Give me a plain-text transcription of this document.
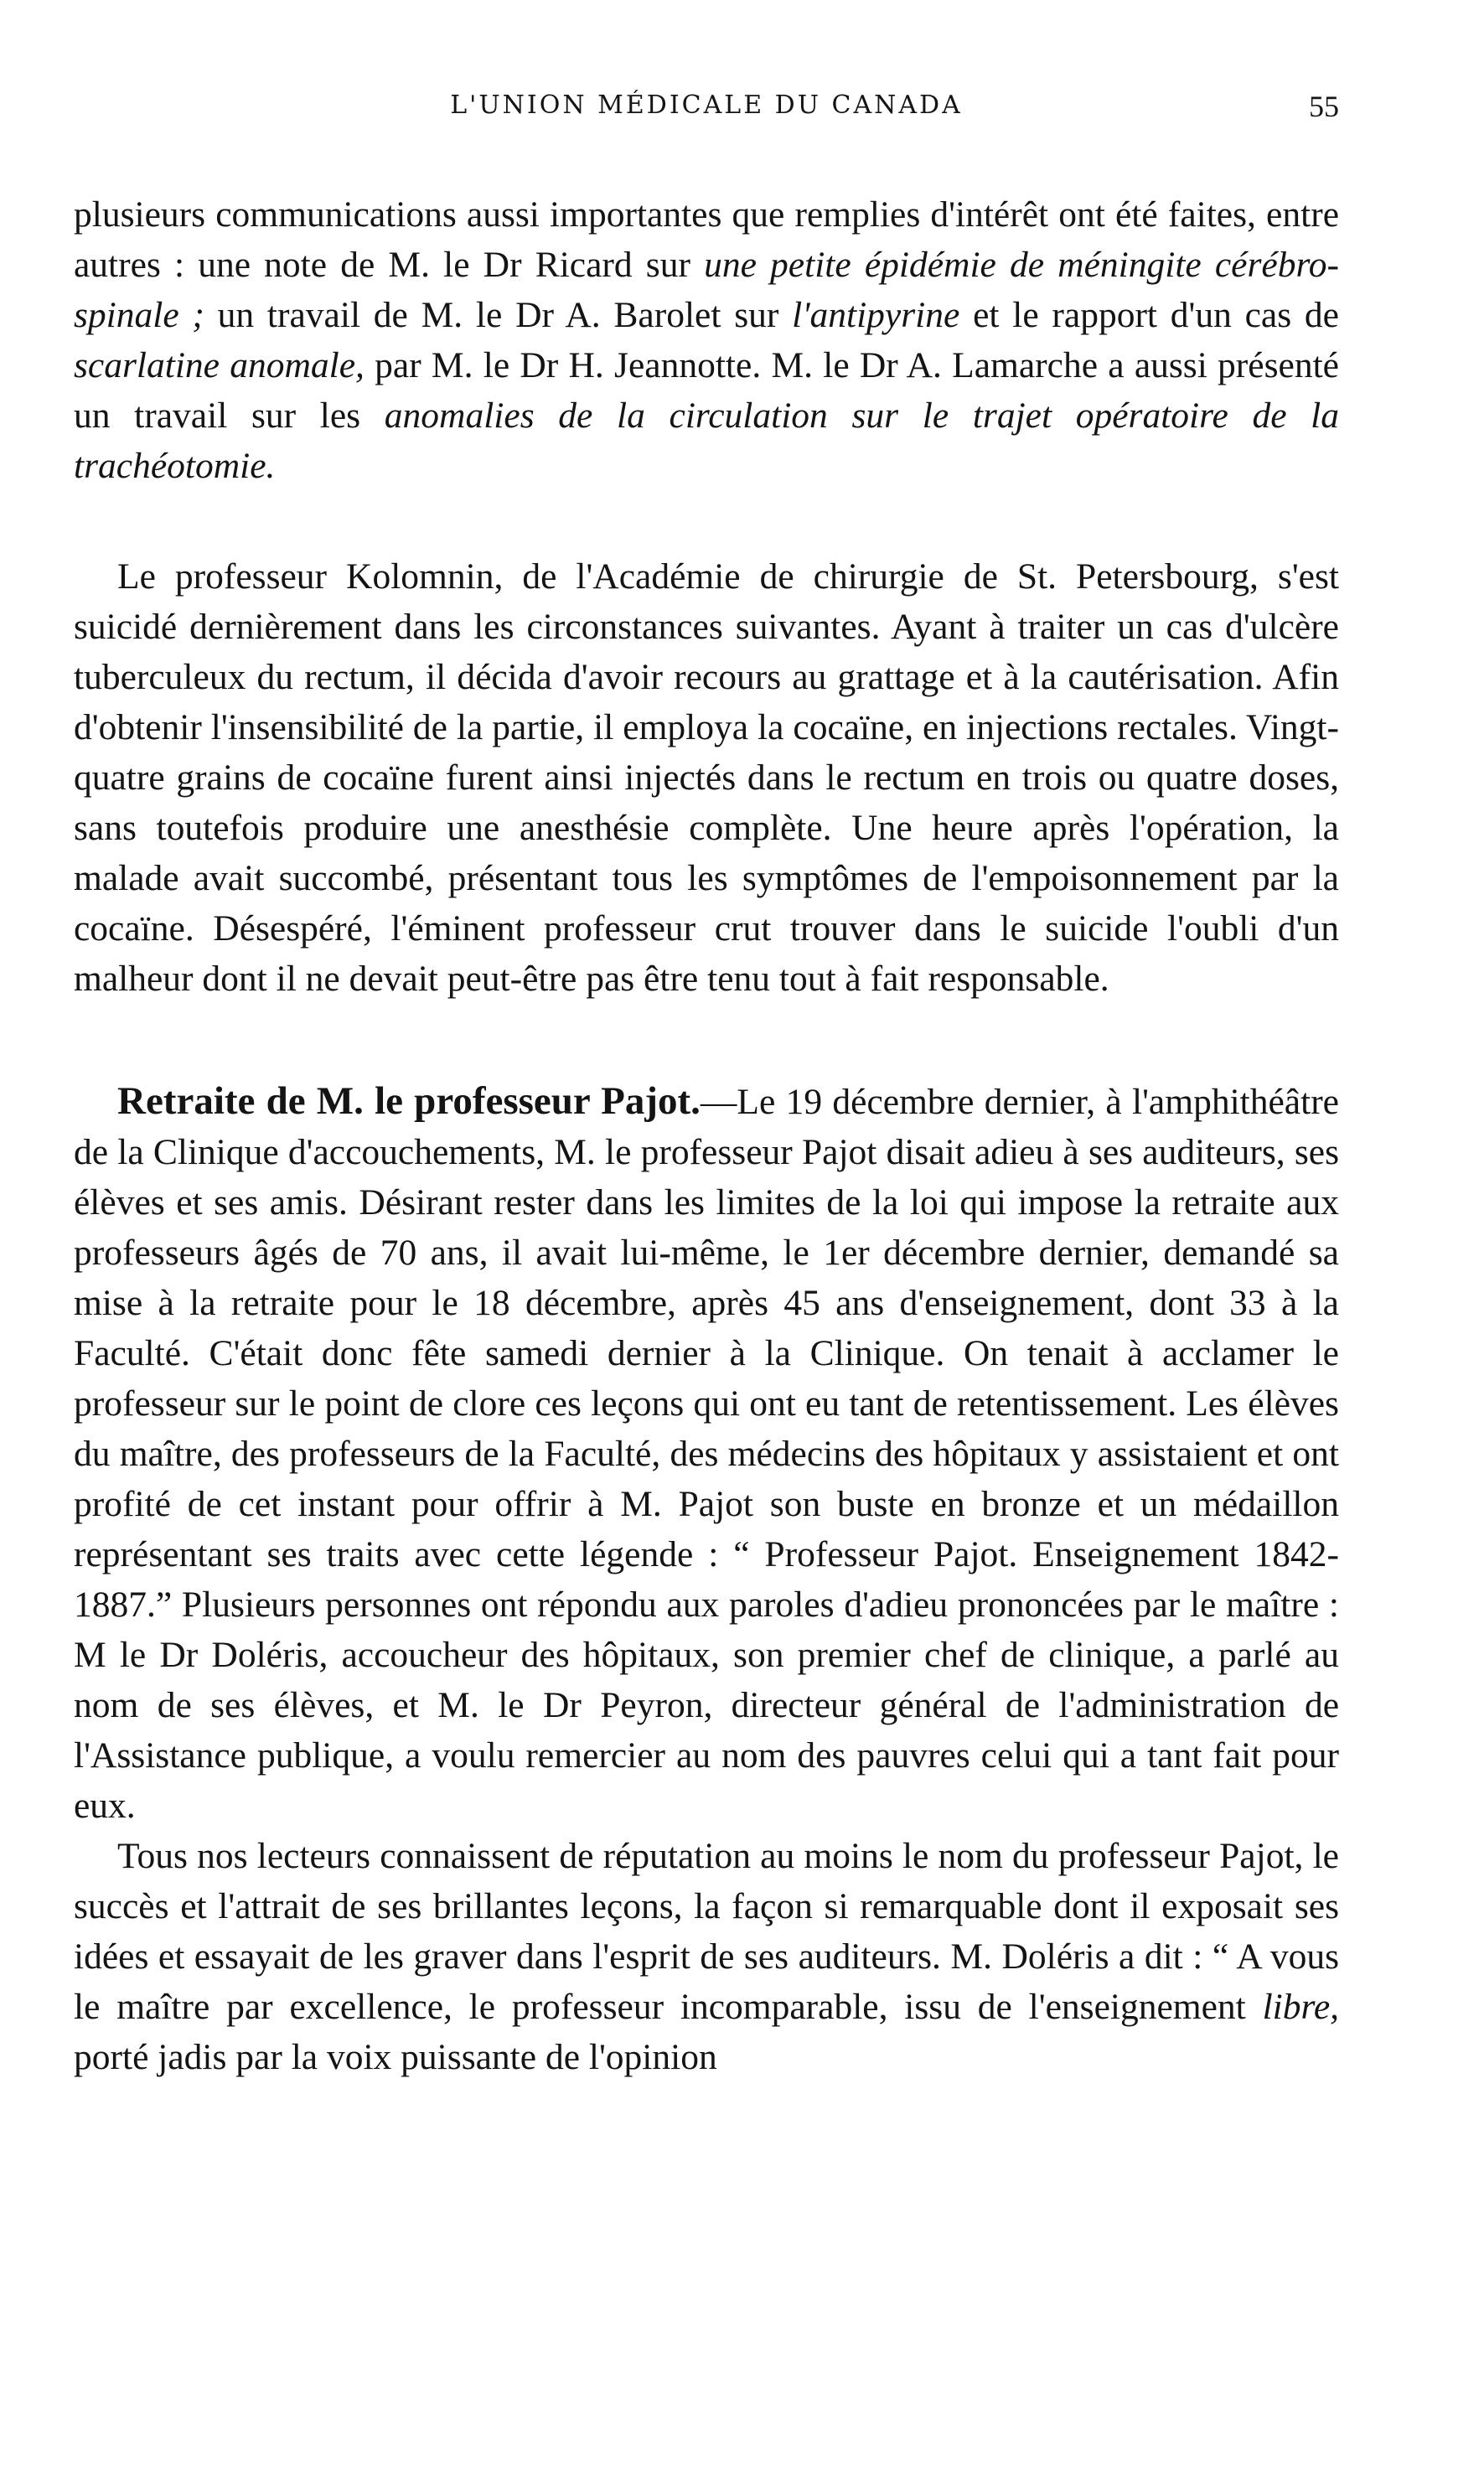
L'UNION MÉDICALE DU CANADA	55

plusieurs communications aussi importantes que remplies d'intérêt ont été faites, entre autres : une note de M. le Dr Ricard sur une petite épidémie de méningite cérébro-spinale ; un travail de M. le Dr A. Barolet sur l'antipyrine et le rapport d'un cas de scarlatine anomale, par M. le Dr H. Jeannotte. M. le Dr A. Lamarche a aussi présenté un travail sur les anomalies de la circulation sur le trajet opératoire de la trachéotomie.

Le professeur Kolomnin, de l'Académie de chirurgie de St. Petersbourg, s'est suicidé dernièrement dans les circonstances suivantes. Ayant à traiter un cas d'ulcère tuberculeux du rectum, il décida d'avoir recours au grattage et à la cautérisation. Afin d'obtenir l'insensibilité de la partie, il employa la cocaïne, en injections rectales. Vingt-quatre grains de cocaïne furent ainsi injectés dans le rectum en trois ou quatre doses, sans toutefois produire une anesthésie complète. Une heure après l'opération, la malade avait succombé, présentant tous les symptômes de l'empoisonnement par la cocaïne. Désespéré, l'éminent professeur crut trouver dans le suicide l'oubli d'un malheur dont il ne devait peut-être pas être tenu tout à fait responsable.

Retraite de M. le professeur Pajot.—Le 19 décembre dernier, à l'amphithéâtre de la Clinique d'accouchements, M. le professeur Pajot disait adieu à ses auditeurs, ses élèves et ses amis. Désirant rester dans les limites de la loi qui impose la retraite aux professeurs âgés de 70 ans, il avait lui-même, le 1er décembre dernier, demandé sa mise à la retraite pour le 18 décembre, après 45 ans d'enseignement, dont 33 à la Faculté. C'était donc fête samedi dernier à la Clinique. On tenait à acclamer le professeur sur le point de clore ces leçons qui ont eu tant de retentissement. Les élèves du maître, des professeurs de la Faculté, des médecins des hôpitaux y assistaient et ont profité de cet instant pour offrir à M. Pajot son buste en bronze et un médaillon représentant ses traits avec cette légende : “ Professeur Pajot. Enseignement 1842-1887.” Plusieurs personnes ont répondu aux paroles d'adieu prononcées par le maître : M le Dr Doléris, accoucheur des hôpitaux, son premier chef de clinique, a parlé au nom de ses élèves, et M. le Dr Peyron, directeur général de l'administration de l'Assistance publique, a voulu remercier au nom des pauvres celui qui a tant fait pour eux.

Tous nos lecteurs connaissent de réputation au moins le nom du professeur Pajot, le succès et l'attrait de ses brillantes leçons, la façon si remarquable dont il exposait ses idées et essayait de les graver dans l'esprit de ses auditeurs. M. Doléris a dit : “ A vous le maître par excellence, le professeur incomparable, issu de l'enseignement libre, porté jadis par la voix puissante de l'opinion
